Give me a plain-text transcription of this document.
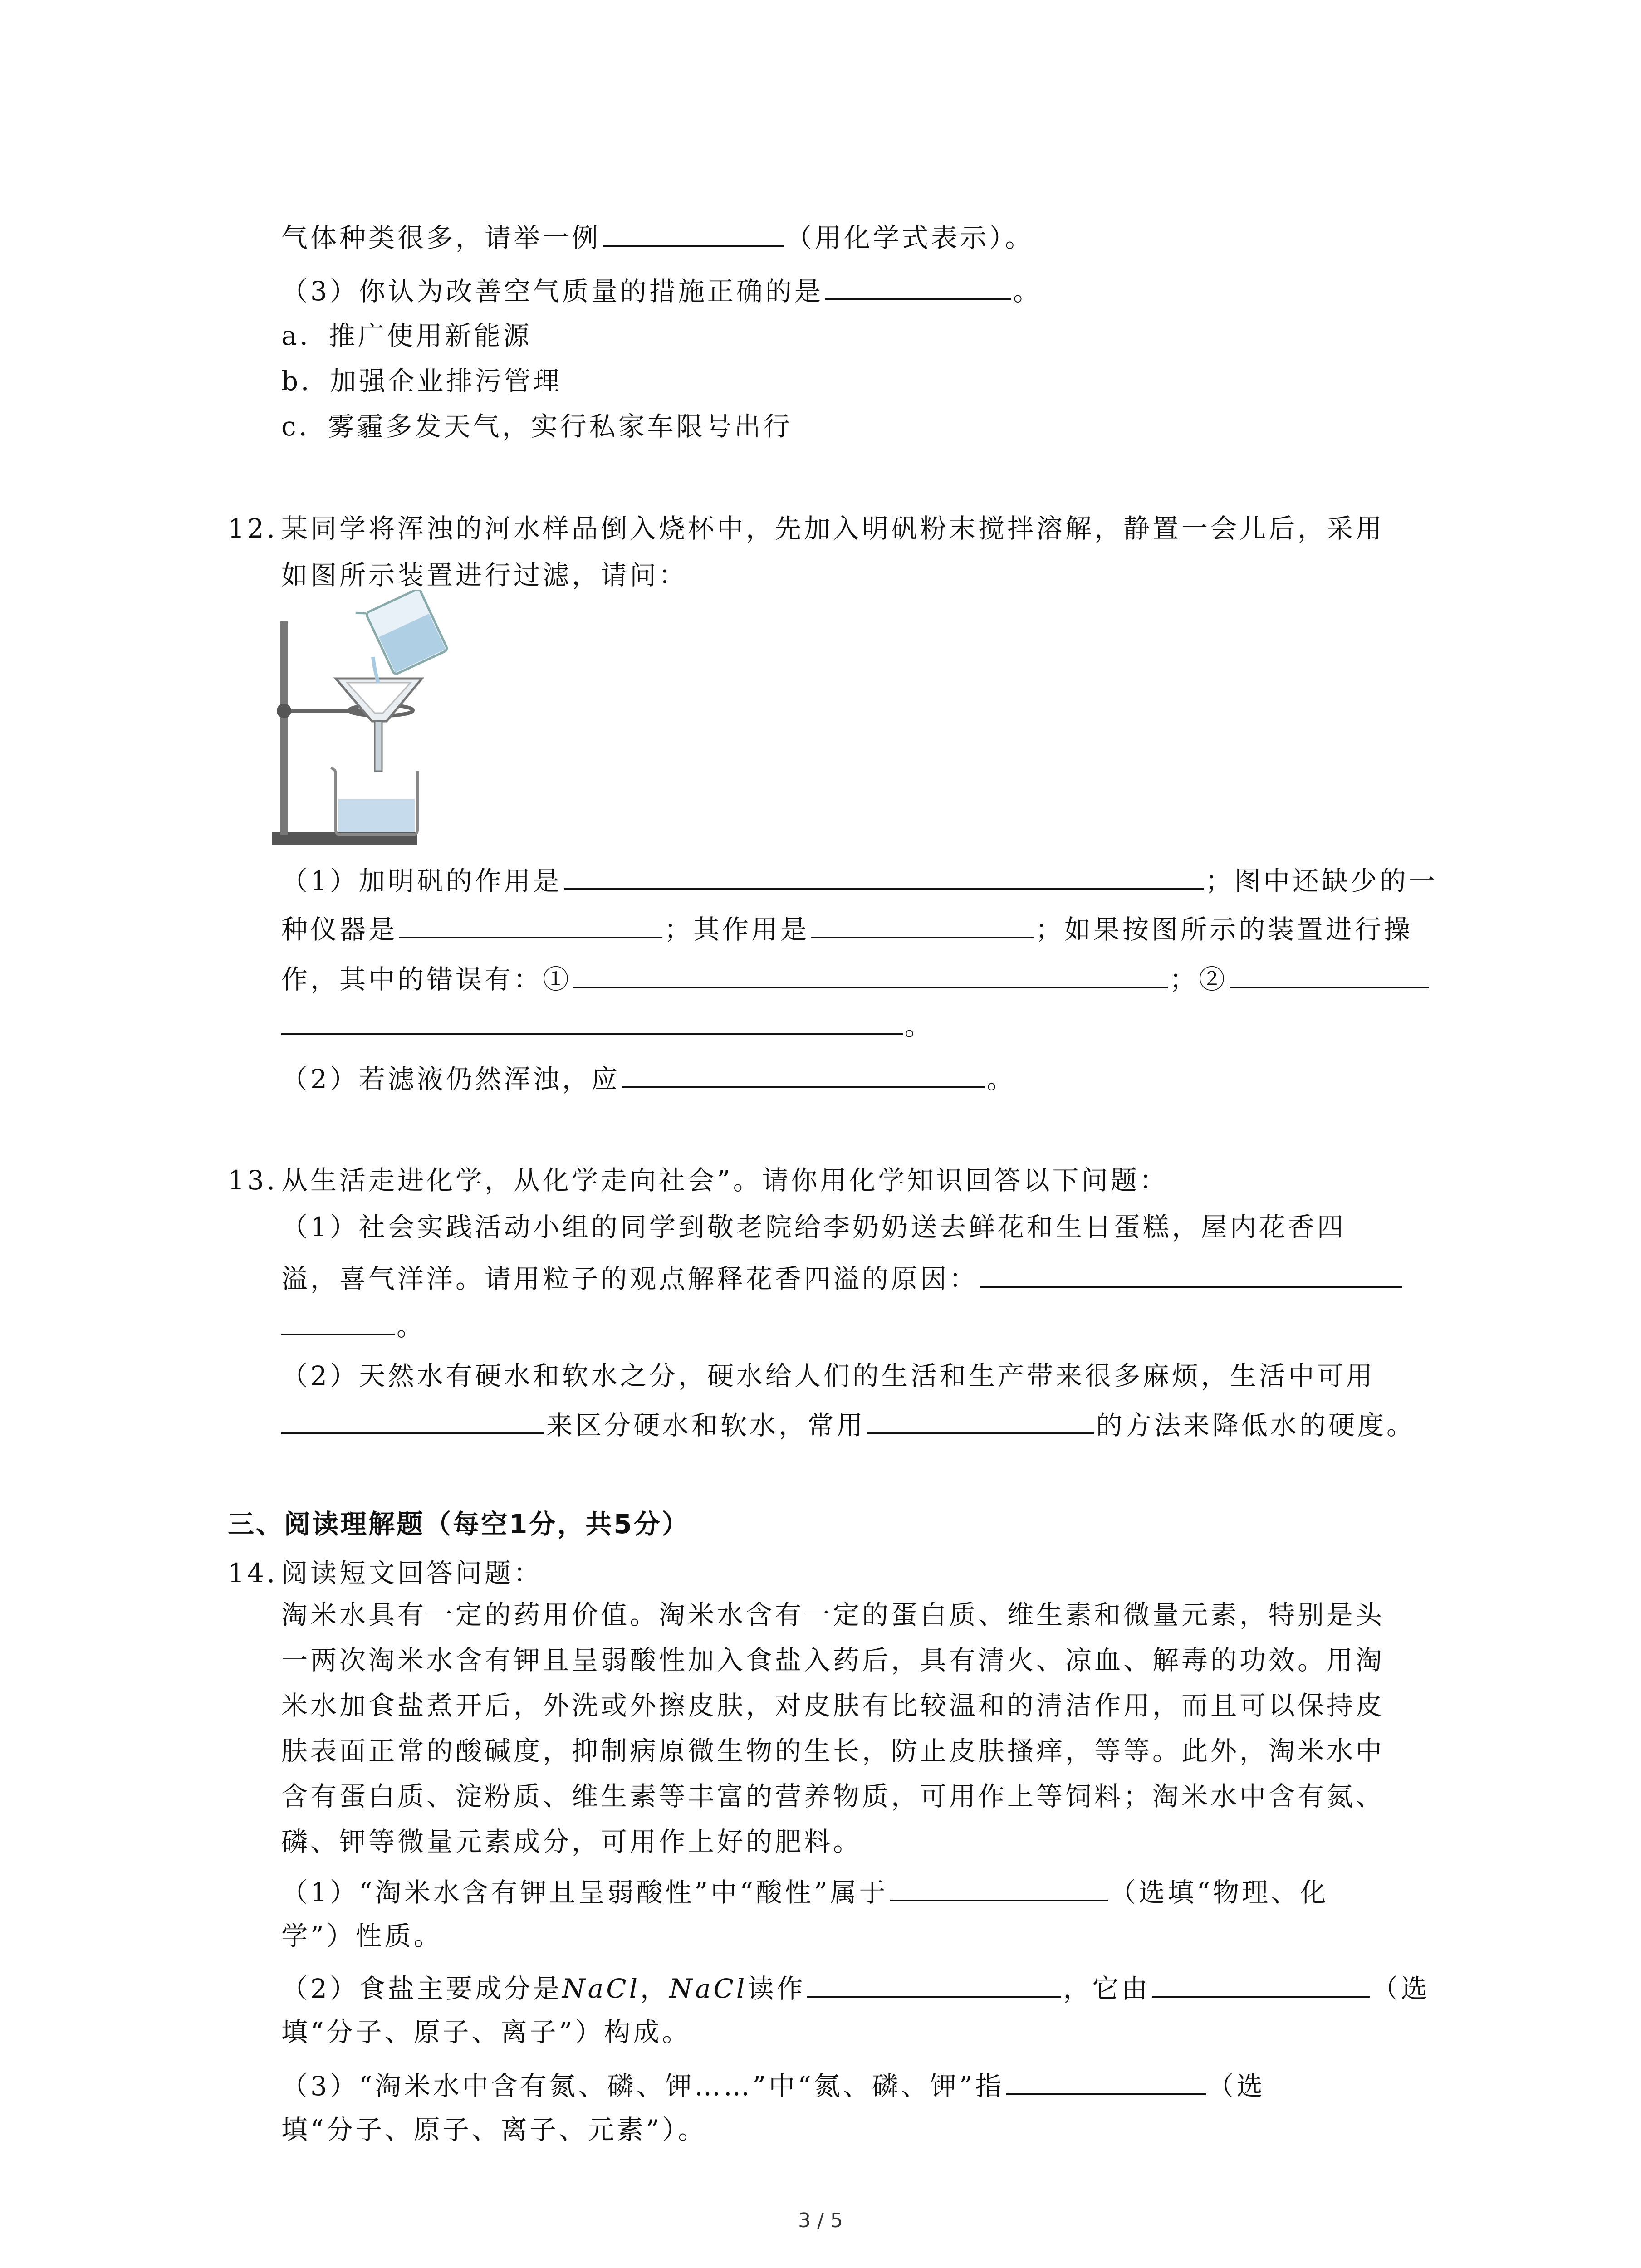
气体种类很多，请举一例	（用化学式表示）。
（3）你认为改善空气质量的措施正确的是	。
a．推广使用新能源
b．加强企业排污管理
c．雾霾多发天气，实行私家车限号出行
12. 某同学将浑浊的河水样品倒入烧杯中，先加入明矾粉末搅拌溶解，静置一会儿后，采用
如图所示装置进行过滤，请问：
（1）加明矾的作用是	；图中还缺少的一
种仪器是	；其作用是	；如果按图所示的装置进行操
作，其中的错误有：①	；②
。
（2）若滤液仍然浑浊，应	。
13. 从生活走进化学，从化学走向社会”。请你用化学知识回答以下问题：
（1）社会实践活动小组的同学到敬老院给李奶奶送去鲜花和生日蛋糕，屋内花香四
溢，喜气洋洋。请用粒子的观点解释花香四溢的原因：
。
（2）天然水有硬水和软水之分，硬水给人们的生活和生产带来很多麻烦，生活中可用
来区分硬水和软水，常用	的方法来降低水的硬度。
三、阅读理解题（每空1分，共5分）
14. 阅读短文回答问题：
淘米水具有一定的药用价值。淘米水含有一定的蛋白质、维生素和微量元素，特别是头
一两次淘米水含有钾且呈弱酸性加入食盐入药后，具有清火、凉血、解毒的功效。用淘
米水加食盐煮开后，外洗或外擦皮肤，对皮肤有比较温和的清洁作用，而且可以保持皮
肤表面正常的酸碱度，抑制病原微生物的生长，防止皮肤搔痒，等等。此外，淘米水中
含有蛋白质、淀粉质、维生素等丰富的营养物质，可用作上等饲料；淘米水中含有氮、
磷、钾等微量元素成分，可用作上好的肥料。
（1）“淘米水含有钾且呈弱酸性”中“酸性”属于	（选填“物理、化
学”）性质。
（2）食盐主要成分是NaCl，NaCl读作	，它由	（选
填“分子、原子、离子”）构成。
（3）“淘米水中含有氮、磷、钾……”中“氮、磷、钾”指	（选
填“分子、原子、离子、元素”）。
3 / 5
